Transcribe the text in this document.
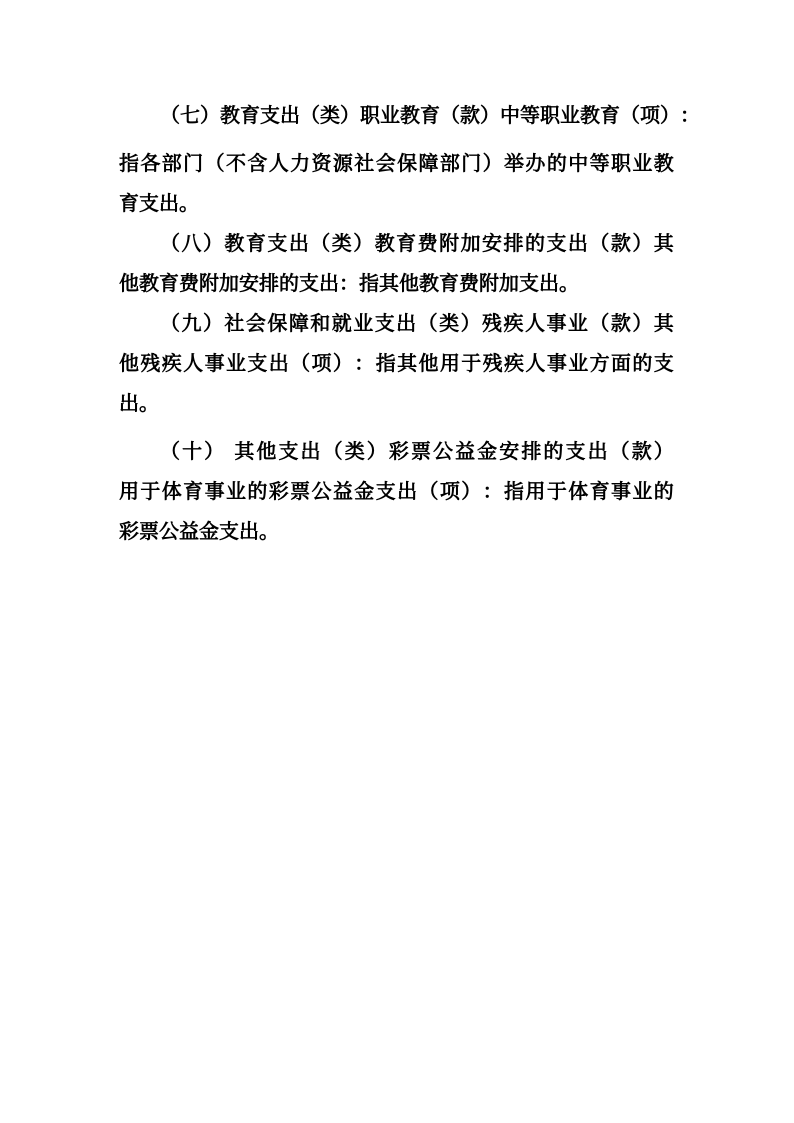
（ 七 ） 教 育 支 出 （ 类 ） 职 业 教 育 （ 款 ） 中 等 职 业 教 育 （ 项 ） ：
指 各 部 门 （ 不 含 人 力 资 源 社 会 保 障 部 门 ） 举 办 的 中 等 职 业 教
育支出。
（ 八 ） 教 育 支 出 （ 类 ） 教 育 费 附 加 安 排 的 支 出 （ 款 ） 其
他教育费附加安排的支出：指其他教育费附加支出。
（ 九 ） 社 会 保 障 和 就 业 支 出 （ 类 ） 残 疾 人 事 业 （ 款 ） 其
他 残 疾 人 事 业 支 出 （ 项 ） ： 指 其 他 用 于 残 疾 人 事 业 方 面 的 支
出。
（ 十 ） 其 他 支 出 （ 类 ） 彩 票 公 益 金 安 排 的 支 出 （ 款 ）
用 于 体 育 事 业 的 彩 票 公 益 金 支 出 （ 项 ） ： 指 用 于 体 育 事 业 的
彩票公益金支出。
